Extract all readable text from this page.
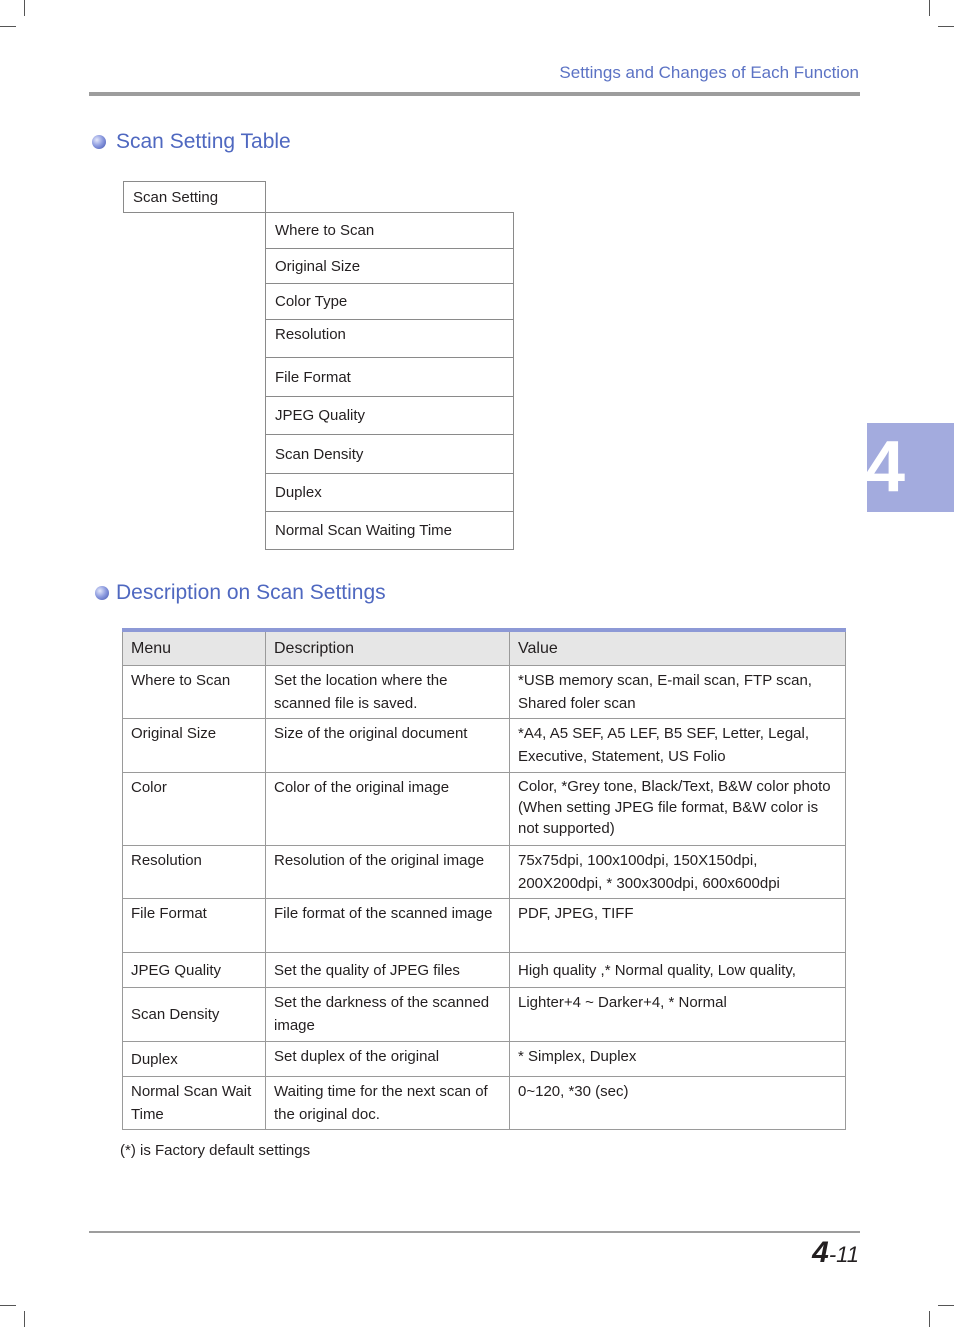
Settings and Changes of Each Function
4
Scan Setting Table
Scan Setting
Where to Scan
Original Size
Color Type
Resolution
File Format
JPEG Quality
Scan Density
Duplex
Normal Scan Waiting Time
Description on Scan Settings
Menu	Description	Value
Where to Scan	Set the location where the scanned file is saved.	*USB memory scan, E-mail scan, FTP scan, Shared foler scan
Original Size	Size of the original document	*A4, A5 SEF, A5 LEF, B5 SEF, Letter, Legal, Executive, Statement, US Folio
Color	Color of the original image	Color, *Grey tone, Black/Text, B&W color photo (When setting JPEG file format, B&W color is not supported)
Resolution	Resolution of the original image	75x75dpi, 100x100dpi, 150X150dpi, 200X200dpi, * 300x300dpi, 600x600dpi
File Format	File format of the scanned image	PDF, JPEG, TIFF
JPEG Quality	Set the quality of JPEG files	High quality ,* Normal quality, Low quality,
Scan Density	Set the darkness of the scanned image	Lighter+4 ~ Darker+4, * Normal
Duplex	Set duplex of the original	* Simplex, Duplex
Normal Scan Wait Time	Waiting time for the next scan of the original doc.	0~120, *30 (sec)
(*) is Factory default settings
4-11
